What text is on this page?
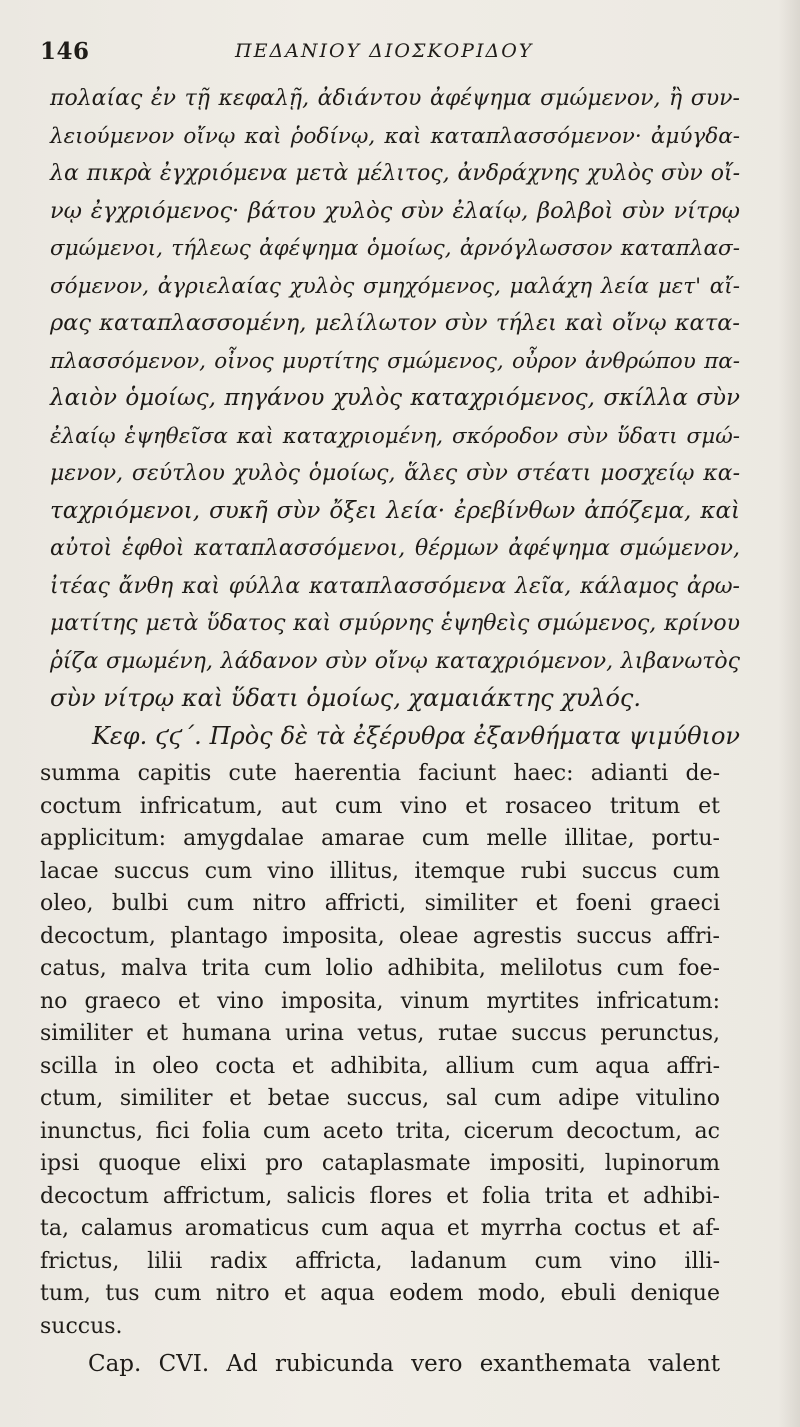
146	ΠΕΔΑΝΙΟΥ ΔΙΟΣΚΟΡΙΔΟΥ
πολαίας ἐν τῇ κεφαλῇ, ἀδιάντου ἀφέψημα σμώμενον, ἢ συν-
λειούμενον οἴνῳ καὶ ῥοδίνῳ, καὶ καταπλασσόμενον· ἀμύγδα-
λα πικρὰ ἐγχριόμενα μετὰ μέλιτος, ἀνδράχνης χυλὸς σὺν οἴ-
νῳ ἐγχριόμενος· βάτου χυλὸς σὺν ἐλαίῳ, βολβοὶ σὺν νίτρῳ
σμώμενοι, τήλεως ἀφέψημα ὁμοίως, ἀρνόγλωσσον καταπλασ-
σόμενον, ἀγριελαίας χυλὸς σμηχόμενος, μαλάχη λεία μετ' αἴ-
ρας καταπλασσομένη, μελίλωτον σὺν τήλει καὶ οἴνῳ κατα-
πλασσόμενον, οἶνος μυρτίτης σμώμενος, οὖρον ἀνθρώπου πα-
λαιὸν ὁμοίως, πηγάνου χυλὸς καταχριόμενος, σκίλλα σὺν
ἐλαίῳ ἑψηθεῖσα καὶ καταχριομένη, σκόροδον σὺν ὕδατι σμώ-
μενον, σεύτλου χυλὸς ὁμοίως, ἅλες σὺν στέατι μοσχείῳ κα-
ταχριόμενοι, συκῆ σὺν ὄξει λεία· ἐρεβίνθων ἀπόζεμα, καὶ
αὐτοὶ ἑφθοὶ καταπλασσόμενοι, θέρμων ἀφέψημα σμώμενον,
ἰτέας ἄνθη καὶ φύλλα καταπλασσόμενα λεῖα, κάλαμος ἀρω-
ματίτης μετὰ ὕδατος καὶ σμύρνης ἑψηθεὶς σμώμενος, κρίνου
ῥίζα σμωμένη, λάδανον σὺν οἴνῳ καταχριόμενον, λιβανωτὸς
σὺν νίτρῳ καὶ ὕδατι ὁμοίως, χαμαιάκτης χυλός.
Κεφ. ϛϛ´. Πρὸς δὲ τὰ ἐξέρυθρα ἐξανθήματα ψιμύθιον
summa capitis cute haerentia faciunt haec: adianti de-
coctum infricatum, aut cum vino et rosaceo tritum et
applicitum: amygdalae amarae cum melle illitae, portu-
lacae succus cum vino illitus, itemque rubi succus cum
oleo, bulbi cum nitro affricti, similiter et foeni graeci
decoctum, plantago imposita, oleae agrestis succus affri-
catus, malva trita cum lolio adhibita, melilotus cum foe-
no graeco et vino imposita, vinum myrtites infricatum:
similiter et humana urina vetus, rutae succus perunctus,
scilla in oleo cocta et adhibita, allium cum aqua affri-
ctum, similiter et betae succus, sal cum adipe vitulino
inunctus, fici folia cum aceto trita, cicerum decoctum, ac
ipsi quoque elixi pro cataplasmate impositi, lupinorum
decoctum affrictum, salicis flores et folia trita et adhibi-
ta, calamus aromaticus cum aqua et myrrha coctus et af-
frictus, lilii radix affricta, ladanum cum vino illi-
tum, tus cum nitro et aqua eodem modo, ebuli denique
succus.
Cap. CVI. Ad rubicunda vero exanthemata valent
